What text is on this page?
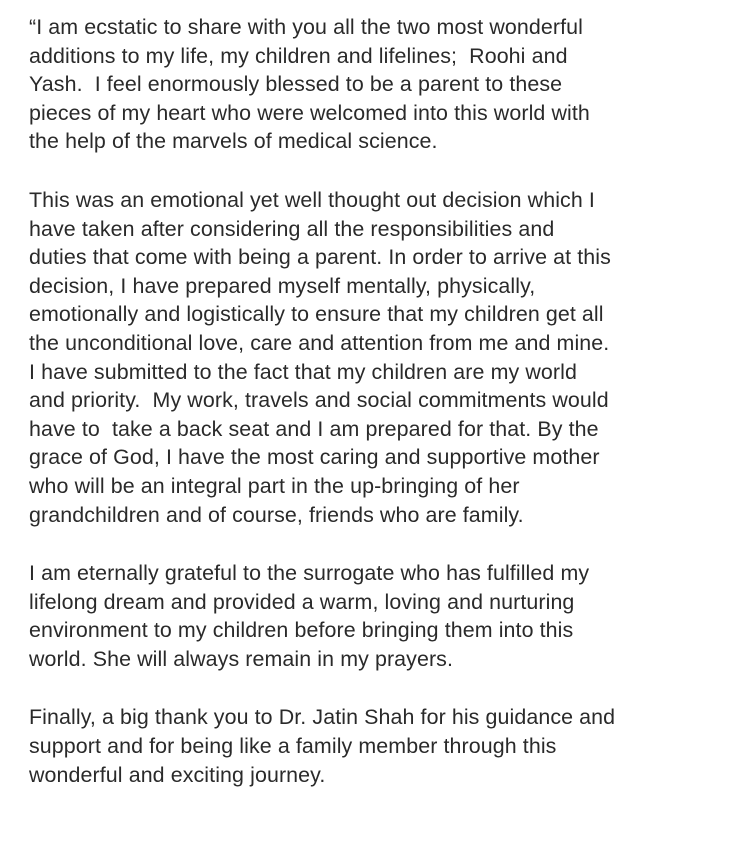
“I am ecstatic to share with you all the two most wonderful
additions to my life, my children and lifelines;  Roohi and
Yash.  I feel enormously blessed to be a parent to these
pieces of my heart who were welcomed into this world with
the help of the marvels of medical science.

This was an emotional yet well thought out decision which I
have taken after considering all the responsibilities and
duties that come with being a parent. In order to arrive at this
decision, I have prepared myself mentally, physically,
emotionally and logistically to ensure that my children get all
the unconditional love, care and attention from me and mine.
I have submitted to the fact that my children are my world
and priority.  My work, travels and social commitments would
have to  take a back seat and I am prepared for that. By the
grace of God, I have the most caring and supportive mother
who will be an integral part in the up-bringing of her
grandchildren and of course, friends who are family.

I am eternally grateful to the surrogate who has fulfilled my
lifelong dream and provided a warm, loving and nurturing
environment to my children before bringing them into this
world. She will always remain in my prayers.

Finally, a big thank you to Dr. Jatin Shah for his guidance and
support and for being like a family member through this
wonderful and exciting journey.
